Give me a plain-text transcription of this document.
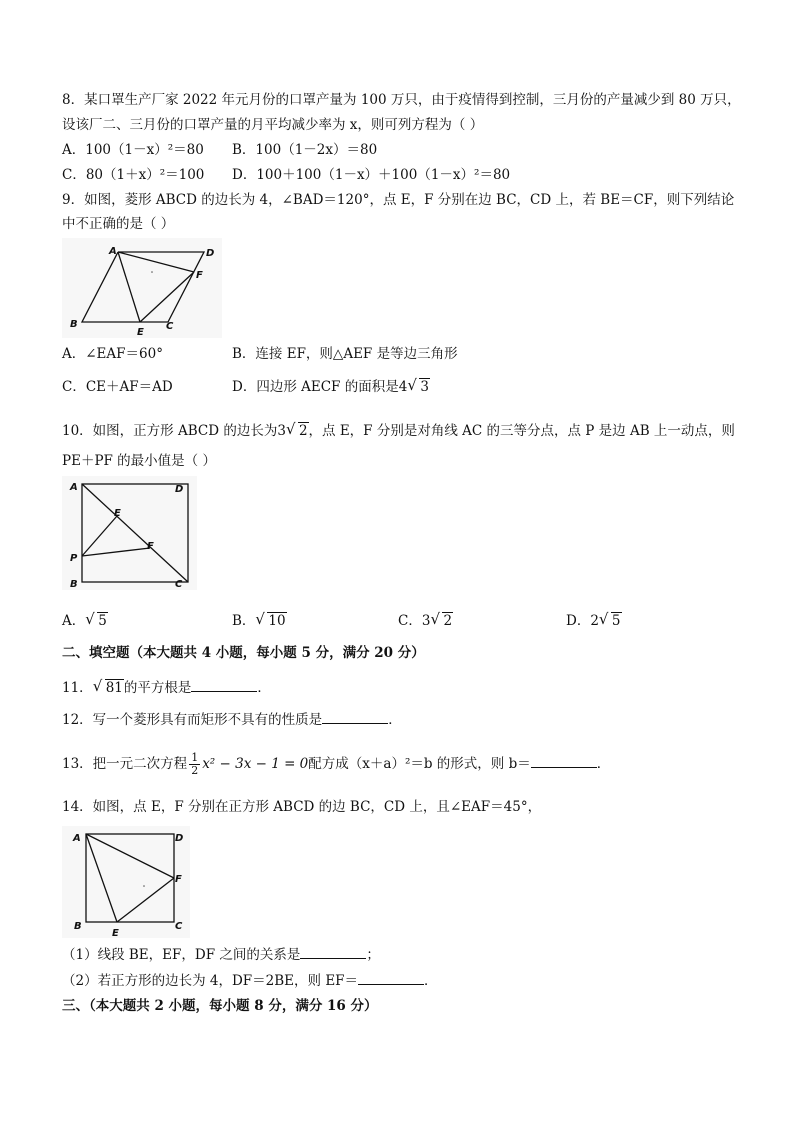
8．某口罩生产厂家 2022 年元月份的口罩产量为 100 万只，由于疫情得到控制，三月份的产量减少到 80 万只，
设该厂二、三月份的口罩产量的月平均减少率为 x，则可列方程为（ ）
A．100（1－x）²＝80 B．100（1－2x）＝80
C．80（1＋x）²＝100 D．100＋100（1－x）＋100（1－x）²＝80
9．如图，菱形 ABCD 的边长为 4，∠BAD＝120°，点 E，F 分别在边 BC，CD 上，若 BE＝CF，则下列结论
中不正确的是（ ）
A	D
F
B
E
C
A．∠EAF＝60°	B．连接 EF，则△AEF 是等边三角形
C．CE＋AF＝AD	D．四边形 AECF 的面积是4 √ 3
10．如图，正方形 ABCD 的边长为3 √ 2，点 E，F 分别是对角线 AC 的三等分点，点 P 是边 AB 上一动点，则
PE＋PF 的最小值是（ ）
A	D
E
F
P
B	C
A． √ 5	B． √ 10	C．3 √ 2	D．2 √ 5
二、填空题（本大题共 4 小题，每小题 5 分，满分 20 分）
11． √ 81的平方根是	．
12．写一个菱形具有而矩形不具有的性质是	．
13．把一元二次方程 $\frac{1}{2} x^2 - 3x - 1 = 0$配方成（x＋a）²＝b 的形式，则 b＝	．
14．如图，点 E，F 分别在正方形 ABCD 的边 BC，CD 上，且∠EAF＝45°，
A	D
F
B
E
C
（1）线段 BE，EF，DF 之间的关系是	；
（2）若正方形的边长为 4，DF＝2BE，则 EF＝	．
三、（本大题共 2 小题，每小题 8 分，满分 16 分）
